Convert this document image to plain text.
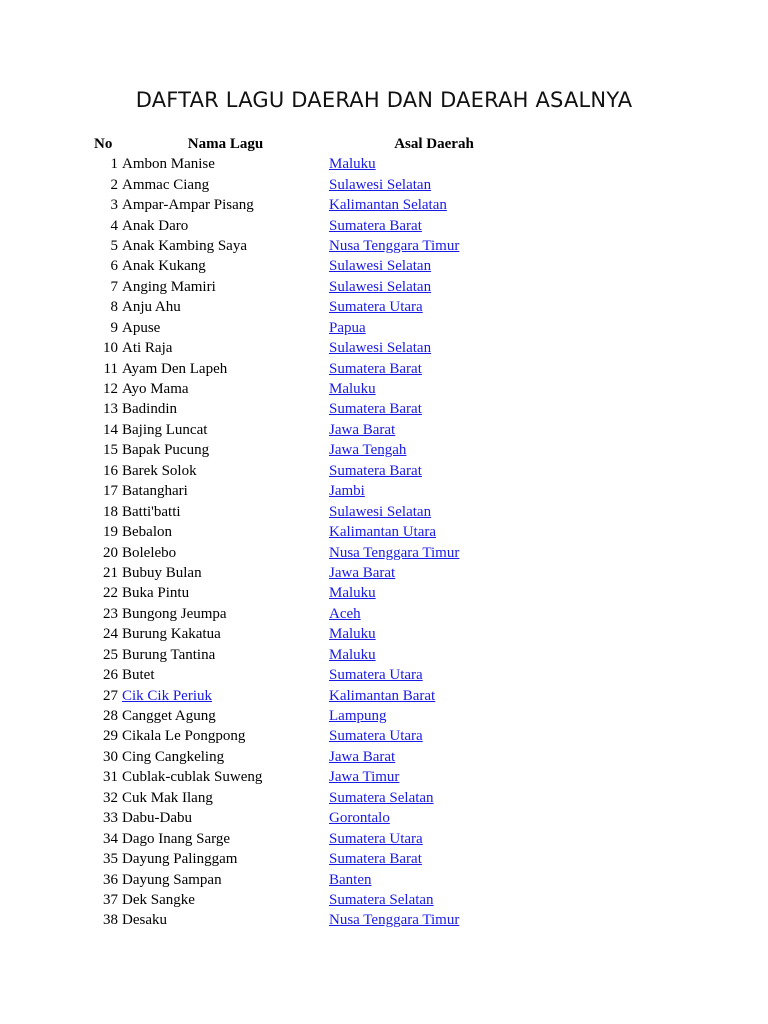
DAFTAR LAGU DAERAH DAN DAERAH ASALNYA
No	Nama Lagu	Asal Daerah
1	Ambon Manise	Maluku
2	Ammac Ciang	Sulawesi Selatan
3	Ampar-Ampar Pisang	Kalimantan Selatan
4	Anak Daro	Sumatera Barat
5	Anak Kambing Saya	Nusa Tenggara Timur
6	Anak Kukang	Sulawesi Selatan
7	Anging Mamiri	Sulawesi Selatan
8	Anju Ahu	Sumatera Utara
9	Apuse	Papua
10	Ati Raja	Sulawesi Selatan
11	Ayam Den Lapeh	Sumatera Barat
12	Ayo Mama	Maluku
13	Badindin	Sumatera Barat
14	Bajing Luncat	Jawa Barat
15	Bapak Pucung	Jawa Tengah
16	Barek Solok	Sumatera Barat
17	Batanghari	Jambi
18	Batti'batti	Sulawesi Selatan
19	Bebalon	Kalimantan Utara
20	Bolelebo	Nusa Tenggara Timur
21	Bubuy Bulan	Jawa Barat
22	Buka Pintu	Maluku
23	Bungong Jeumpa	Aceh
24	Burung Kakatua	Maluku
25	Burung Tantina	Maluku
26	Butet	Sumatera Utara
27	Cik Cik Periuk	Kalimantan Barat
28	Cangget Agung	Lampung
29	Cikala Le Pongpong	Sumatera Utara
30	Cing Cangkeling	Jawa Barat
31	Cublak-cublak Suweng	Jawa Timur
32	Cuk Mak Ilang	Sumatera Selatan
33	Dabu-Dabu	Gorontalo
34	Dago Inang Sarge	Sumatera Utara
35	Dayung Palinggam	Sumatera Barat
36	Dayung Sampan	Banten
37	Dek Sangke	Sumatera Selatan
38	Desaku	Nusa Tenggara Timur
